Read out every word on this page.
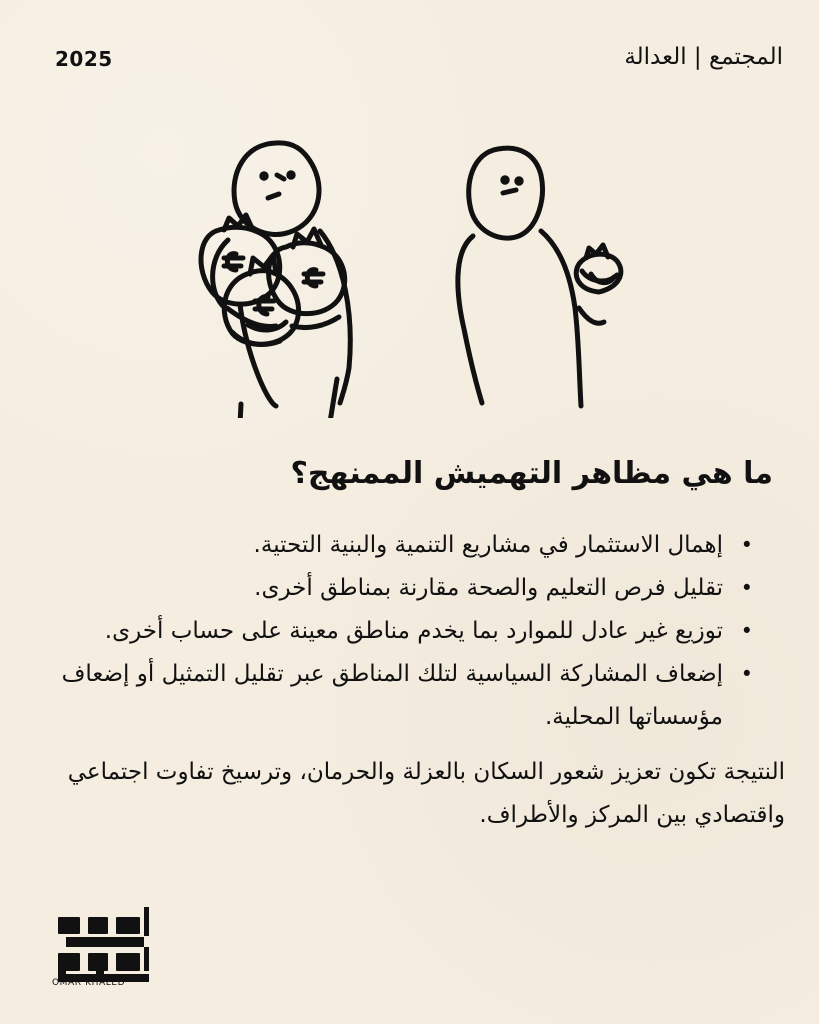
2025	المجتمع | العدالة
ما هي مظاهر التهميش الممنهج؟
• إهمال الاستثمار في مشاريع التنمية والبنية التحتية.
• تقليل فرص التعليم والصحة مقارنة بمناطق أخرى.
• توزيع غير عادل للموارد بما يخدم مناطق معينة على حساب أخرى.
• إضعاف المشاركة السياسية لتلك المناطق عبر تقليل التمثيل أو إضعاف مؤسساتها المحلية.

النتيجة تكون تعزيز شعور السكان بالعزلة والحرمان، وترسيخ تفاوت اجتماعي واقتصادي بين المركز والأطراف.

OMAR KHALED
